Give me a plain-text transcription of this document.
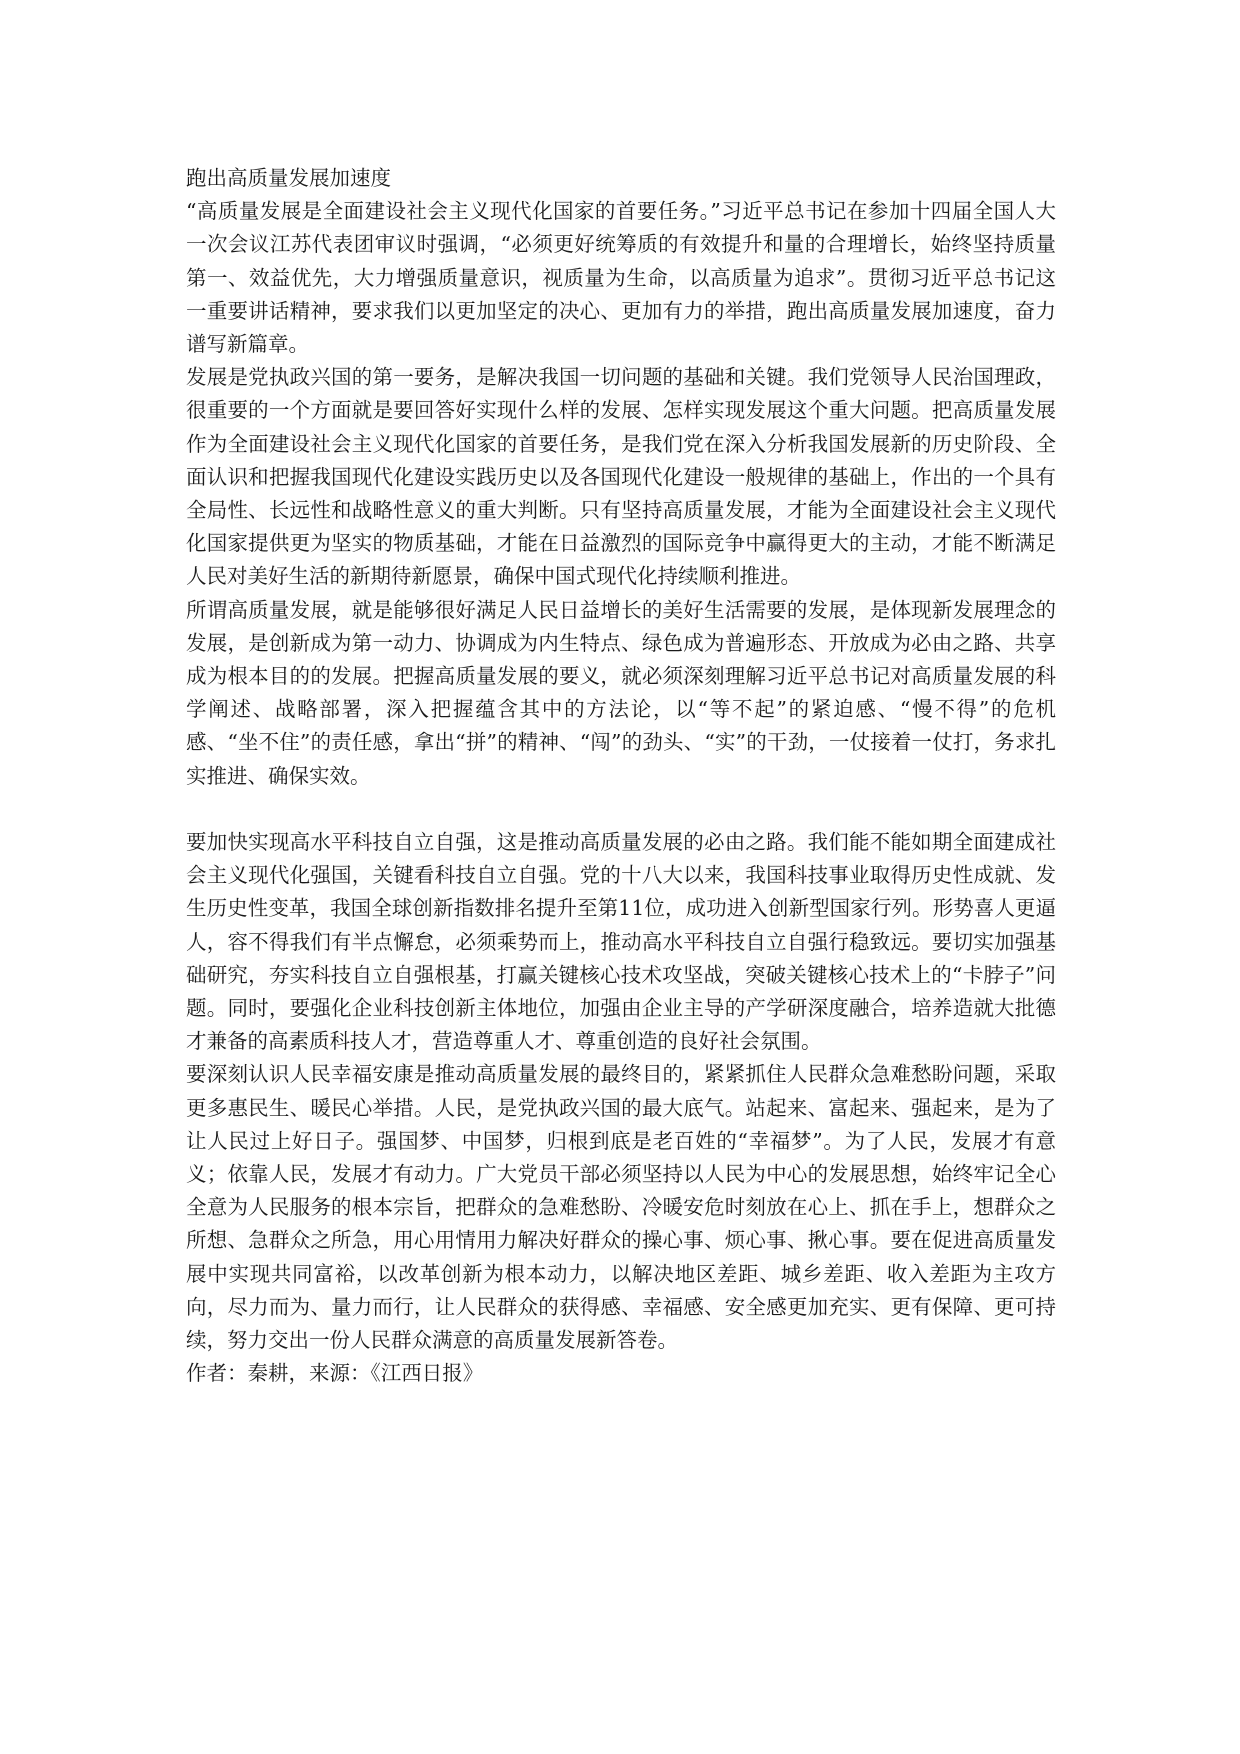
跑出高质量发展加速度

“高质量发展是全面建设社会主义现代化国家的首要任务。”习近平总书记在参加十四届全国人大一次会议江苏代表团审议时强调，“必须更好统筹质的有效提升和量的合理增长，始终坚持质量第一、效益优先，大力增强质量意识，视质量为生命，以高质量为追求”。贯彻习近平总书记这一重要讲话精神，要求我们以更加坚定的决心、更加有力的举措，跑出高质量发展加速度，奋力谱写新篇章。

发展是党执政兴国的第一要务，是解决我国一切问题的基础和关键。我们党领导人民治国理政，很重要的一个方面就是要回答好实现什么样的发展、怎样实现发展这个重大问题。把高质量发展作为全面建设社会主义现代化国家的首要任务，是我们党在深入分析我国发展新的历史阶段、全面认识和把握我国现代化建设实践历史以及各国现代化建设一般规律的基础上，作出的一个具有全局性、长远性和战略性意义的重大判断。只有坚持高质量发展，才能为全面建设社会主义现代化国家提供更为坚实的物质基础，才能在日益激烈的国际竞争中赢得更大的主动，才能不断满足人民对美好生活的新期待新愿景，确保中国式现代化持续顺利推进。

所谓高质量发展，就是能够很好满足人民日益增长的美好生活需要的发展，是体现新发展理念的发展，是创新成为第一动力、协调成为内生特点、绿色成为普遍形态、开放成为必由之路、共享成为根本目的的发展。把握高质量发展的要义，就必须深刻理解习近平总书记对高质量发展的科学阐述、战略部署，深入把握蕴含其中的方法论，以“等不起”的紧迫感、“慢不得”的危机感、“坐不住”的责任感，拿出“拼”的精神、“闯”的劲头、“实”的干劲，一仗接着一仗打，务求扎实推进、确保实效。

要加快实现高水平科技自立自强，这是推动高质量发展的必由之路。我们能不能如期全面建成社会主义现代化强国，关键看科技自立自强。党的十八大以来，我国科技事业取得历史性成就、发生历史性变革，我国全球创新指数排名提升至第11位，成功进入创新型国家行列。形势喜人更逼人，容不得我们有半点懈怠，必须乘势而上，推动高水平科技自立自强行稳致远。要切实加强基础研究，夯实科技自立自强根基，打赢关键核心技术攻坚战，突破关键核心技术上的“卡脖子”问题。同时，要强化企业科技创新主体地位，加强由企业主导的产学研深度融合，培养造就大批德才兼备的高素质科技人才，营造尊重人才、尊重创造的良好社会氛围。

要深刻认识人民幸福安康是推动高质量发展的最终目的，紧紧抓住人民群众急难愁盼问题，采取更多惠民生、暖民心举措。人民，是党执政兴国的最大底气。站起来、富起来、强起来，是为了让人民过上好日子。强国梦、中国梦，归根到底是老百姓的“幸福梦”。为了人民，发展才有意义；依靠人民，发展才有动力。广大党员干部必须坚持以人民为中心的发展思想，始终牢记全心全意为人民服务的根本宗旨，把群众的急难愁盼、冷暖安危时刻放在心上、抓在手上，想群众之所想、急群众之所急，用心用情用力解决好群众的操心事、烦心事、揪心事。要在促进高质量发展中实现共同富裕，以改革创新为根本动力，以解决地区差距、城乡差距、收入差距为主攻方向，尽力而为、量力而行，让人民群众的获得感、幸福感、安全感更加充实、更有保障、更可持续，努力交出一份人民群众满意的高质量发展新答卷。

作者：秦耕，来源：《江西日报》
